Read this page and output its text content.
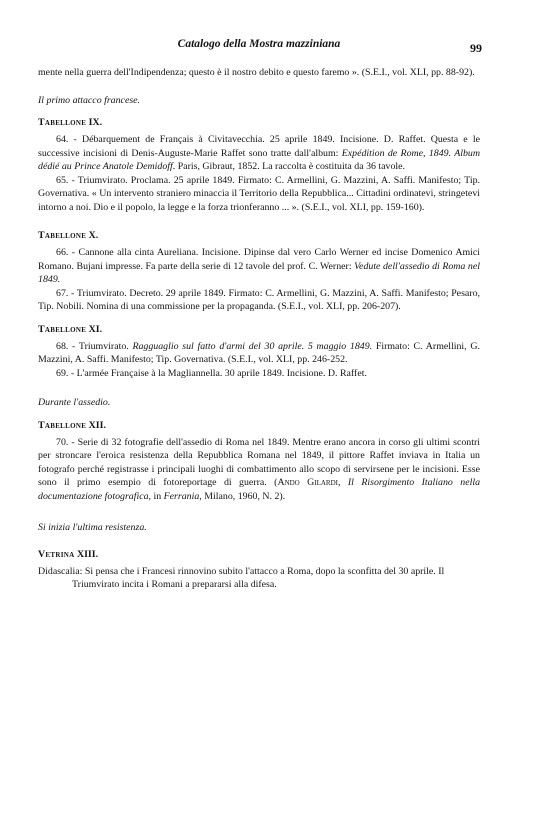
Catalogo della Mostra mazziniana	99

mente nella guerra dell'Indipendenza; questo è il nostro debito e questo faremo ». (S.E.I., vol. XLI, pp. 88-92).

Il primo attacco francese.

Tabellone IX.

64. - Débarquement de Français à Civitavecchia. 25 aprile 1849. Incisione. D. Raffet. Questa e le successive incisioni di Denis-Auguste-Marie Raffet sono tratte dall'album: Expédition de Rome, 1849. Album dédié au Prince Anatole Demidoff. Paris, Gibraut, 1852. La raccolta è costituita da 36 tavole.

65. - Triumvirato. Proclama. 25 aprile 1849. Firmato: C. Armellini, G. Mazzini, A. Saffi. Manifesto; Tip. Governativa. « Un intervento straniero minaccia il Territorio della Repubblica... Cittadini ordinatevi, stringetevi intorno a noi. Dio e il popolo, la legge e la forza trionferanno ... ». (S.E.I., vol. XLI, pp. 159-160).

Tabellone X.

66. - Cannone alla cinta Aureliana. Incisione. Dipinse dal vero Carlo Werner ed incise Domenico Amici Romano. Bujani impresse. Fa parte della serie di 12 tavole del prof. C. Werner: Vedute dell'assedio di Roma nel 1849.

67. - Triumvirato. Decreto. 29 aprile 1849. Firmato: C. Armellini, G. Mazzini, A. Saffi. Manifesto; Pesaro, Tip. Nobili. Nomina di una commissione per la propaganda. (S.E.I., vol. XLI, pp. 206-207).

Tabellone XI.

68. - Triumvirato. Ragguaglio sul fatto d'armi del 30 aprile. 5 maggio 1849. Firmato: C. Armellini, G. Mazzini, A. Saffi. Manifesto; Tip. Governativa. (S.E.I., vol. XLI, pp. 246-252.

69. - L'armée Française à la Magliannella. 30 aprile 1849. Incisione. D. Raffet.

Durante l'assedio.

Tabellone XII.

70. - Serie di 32 fotografie dell'assedio di Roma nel 1849. Mentre erano ancora in corso gli ultimi scontri per stroncare l'eroica resistenza della Repubblica Romana nel 1849, il pittore Raffet inviava in Italia un fotografo perché registrasse i principali luoghi di combattimento allo scopo di servirsene per le incisioni. Esse sono il primo esempio di fotoreportage di guerra. (Ando Gilardi, Il Risorgimento Italiano nella documentazione fotografica, in Ferrania, Milano, 1960, N. 2).

Si inizia l'ultima resistenza.

Vetrina XIII.

Didascalia: Si pensa che i Francesi rinnovino subito l'attacco a Roma, dopo la sconfitta del 30 aprile. Il Triumvirato incita i Romani a prepararsi alla difesa.
